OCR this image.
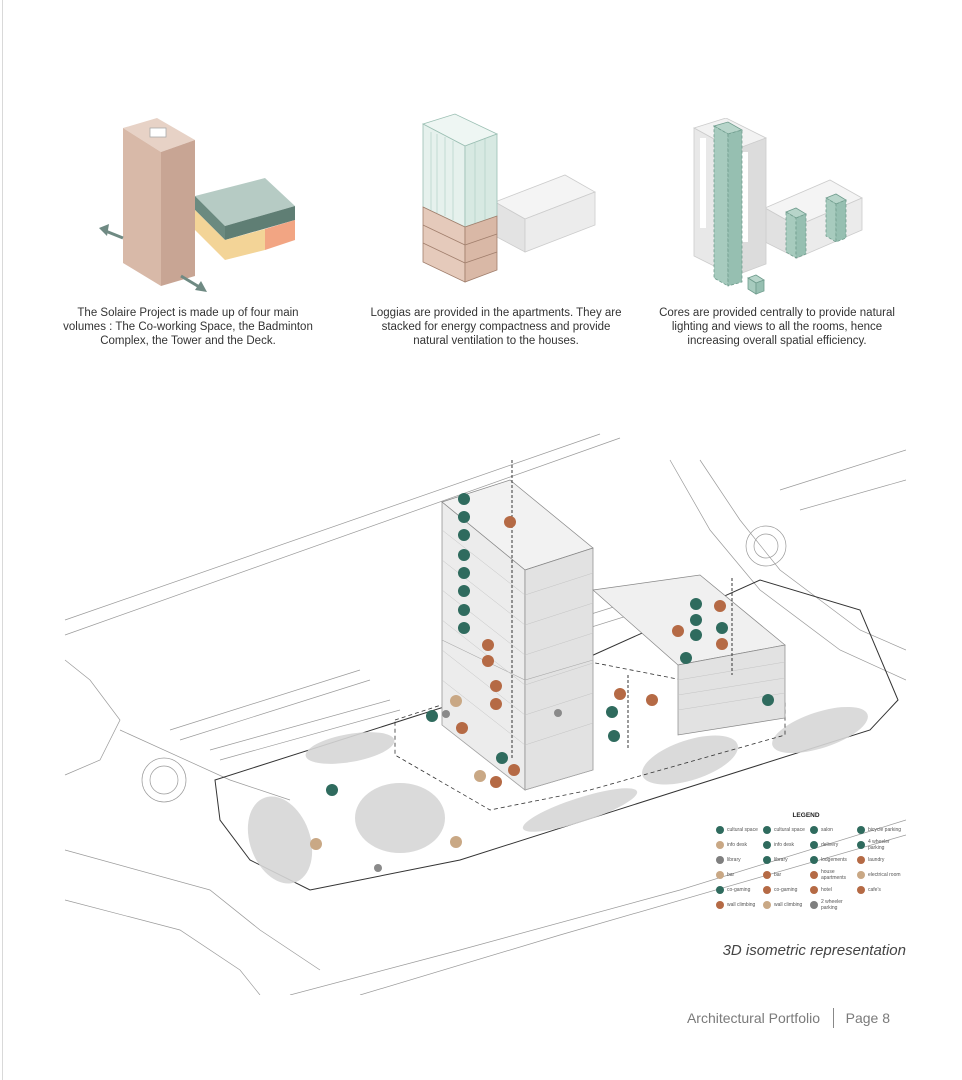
The Solaire Project is made up of four main volumes : The Co-working Space, the Badminton Complex, the Tower and the Deck.
Loggias are provided in the apartments. They are stacked for energy compactness and provide natural ventilation to the houses.
Cores are provided centrally to provide natural lighting and views to all the rooms, hence increasing overall spatial efficiency.
LEGEND
cultural space	cultural space	salon	bicycle parking
info desk	info desk	delivery	4 wheeler parking
library	library	lodgements	laundry
bar	bar	house apartments	electrical room
co-gaming	co-gaming	hotel	cafe's
wall climbing	wall climbing	2 wheeler parking
3D isometric representation
Architectural Portfolio Page 8
